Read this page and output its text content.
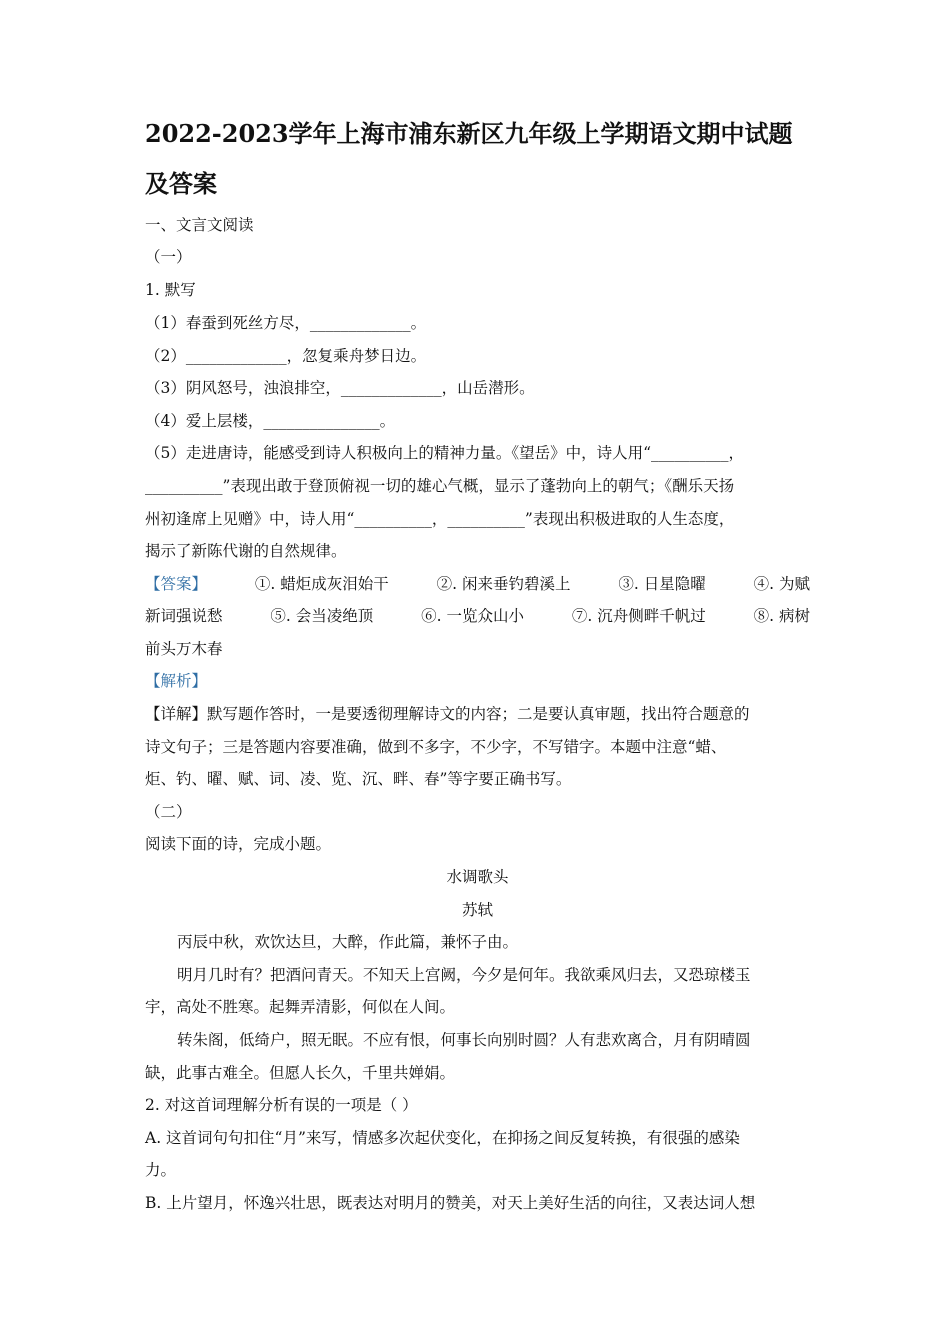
2022-2023学年上海市浦东新区九年级上学期语文期中试题
及答案
一、文言文阅读
（一）
1. 默写
（1）春蚕到死丝方尽，_____________。
（2）_____________，忽复乘舟梦日边。
（3）阴风怒号，浊浪排空，_____________，山岳潜形。
（4）爱上层楼，_______________。
（5）走进唐诗，能感受到诗人积极向上的精神力量。《望岳》中，诗人用“__________，
__________”表现出敢于登顶俯视一切的雄心气概，显示了蓬勃向上的朝气；《酬乐天扬
州初逢席上见赠》中，诗人用“__________，__________”表现出积极进取的人生态度，
揭示了新陈代谢的自然规律。
【答案】	①. 蜡炬成灰泪始干	②. 闲来垂钓碧溪上	③. 日星隐曜	④. 为赋
新词强说愁	⑤. 会当凌绝顶	⑥. 一览众山小	⑦. 沉舟侧畔千帆过	⑧. 病树
前头万木春
【解析】
【详解】默写题作答时，一是要透彻理解诗文的内容；二是要认真审题，找出符合题意的
诗文句子；三是答题内容要准确，做到不多字，不少字，不写错字。本题中注意“蜡、
炬、钓、曜、赋、词、凌、览、沉、畔、春”等字要正确书写。
（二）
阅读下面的诗，完成小题。
水调歌头
苏轼
丙辰中秋，欢饮达旦，大醉，作此篇，兼怀子由。
明月几时有？把酒问青天。不知天上宫阙，今夕是何年。我欲乘风归去，又恐琼楼玉
宇，高处不胜寒。起舞弄清影，何似在人间。
转朱阁，低绮户，照无眠。不应有恨，何事长向别时圆？人有悲欢离合，月有阴晴圆
缺，此事古难全。但愿人长久，千里共婵娟。
2. 对这首词理解分析有误的一项是（ ）
A. 这首词句句扣住“月”来写，情感多次起伏变化，在抑扬之间反复转换，有很强的感染
力。
B. 上片望月，怀逸兴壮思，既表达对明月的赞美，对天上美好生活的向往，又表达词人想
